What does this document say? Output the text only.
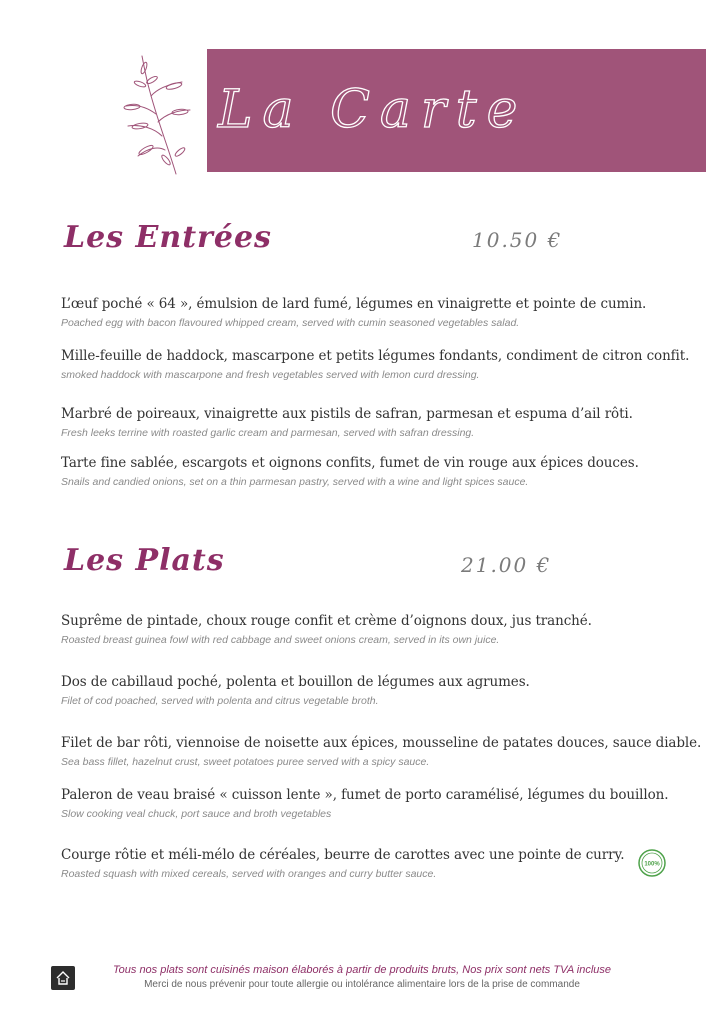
La Carte
Les Entrées	10.50 €
L’œuf poché « 64 », émulsion de lard fumé, légumes en vinaigrette et pointe de cumin.
Poached egg with bacon flavoured whipped cream, served with cumin seasoned vegetables salad.
Mille-feuille de haddock, mascarpone et petits légumes fondants, condiment de citron confit.
smoked haddock with mascarpone and fresh vegetables served with lemon curd dressing.
Marbré de poireaux, vinaigrette aux pistils de safran, parmesan et espuma d’ail rôti.
Fresh leeks terrine with roasted garlic cream and parmesan, served with safran dressing.
Tarte fine sablée, escargots et oignons confits, fumet de vin rouge aux épices douces.
Snails and candied onions, set on a thin parmesan pastry, served with a wine and light spices sauce.
Les Plats	21.00 €
Suprême de pintade, choux rouge confit et crème d’oignons doux, jus tranché.
Roasted breast guinea fowl with red cabbage and sweet onions cream, served in its own juice.
Dos de cabillaud poché, polenta et bouillon de légumes aux agrumes.
Filet of cod poached, served with polenta and citrus vegetable broth.
Filet de bar rôti, viennoise de noisette aux épices, mousseline de patates douces, sauce diable.
Sea bass fillet, hazelnut crust, sweet potatoes puree served with a spicy sauce.
Paleron de veau braisé « cuisson lente », fumet de porto caramélisé, légumes du bouillon.
Slow cooking veal chuck, port sauce and broth vegetables
Courge rôtie et méli-mélo de céréales, beurre de carottes avec une pointe de curry.
Roasted squash with mixed cereals, served with oranges and curry butter sauce.
100%
Tous nos plats sont cuisinés maison élaborés à partir de produits bruts, Nos prix sont nets TVA incluse
Merci de nous prévenir pour toute allergie ou intolérance alimentaire lors de la prise de commande
